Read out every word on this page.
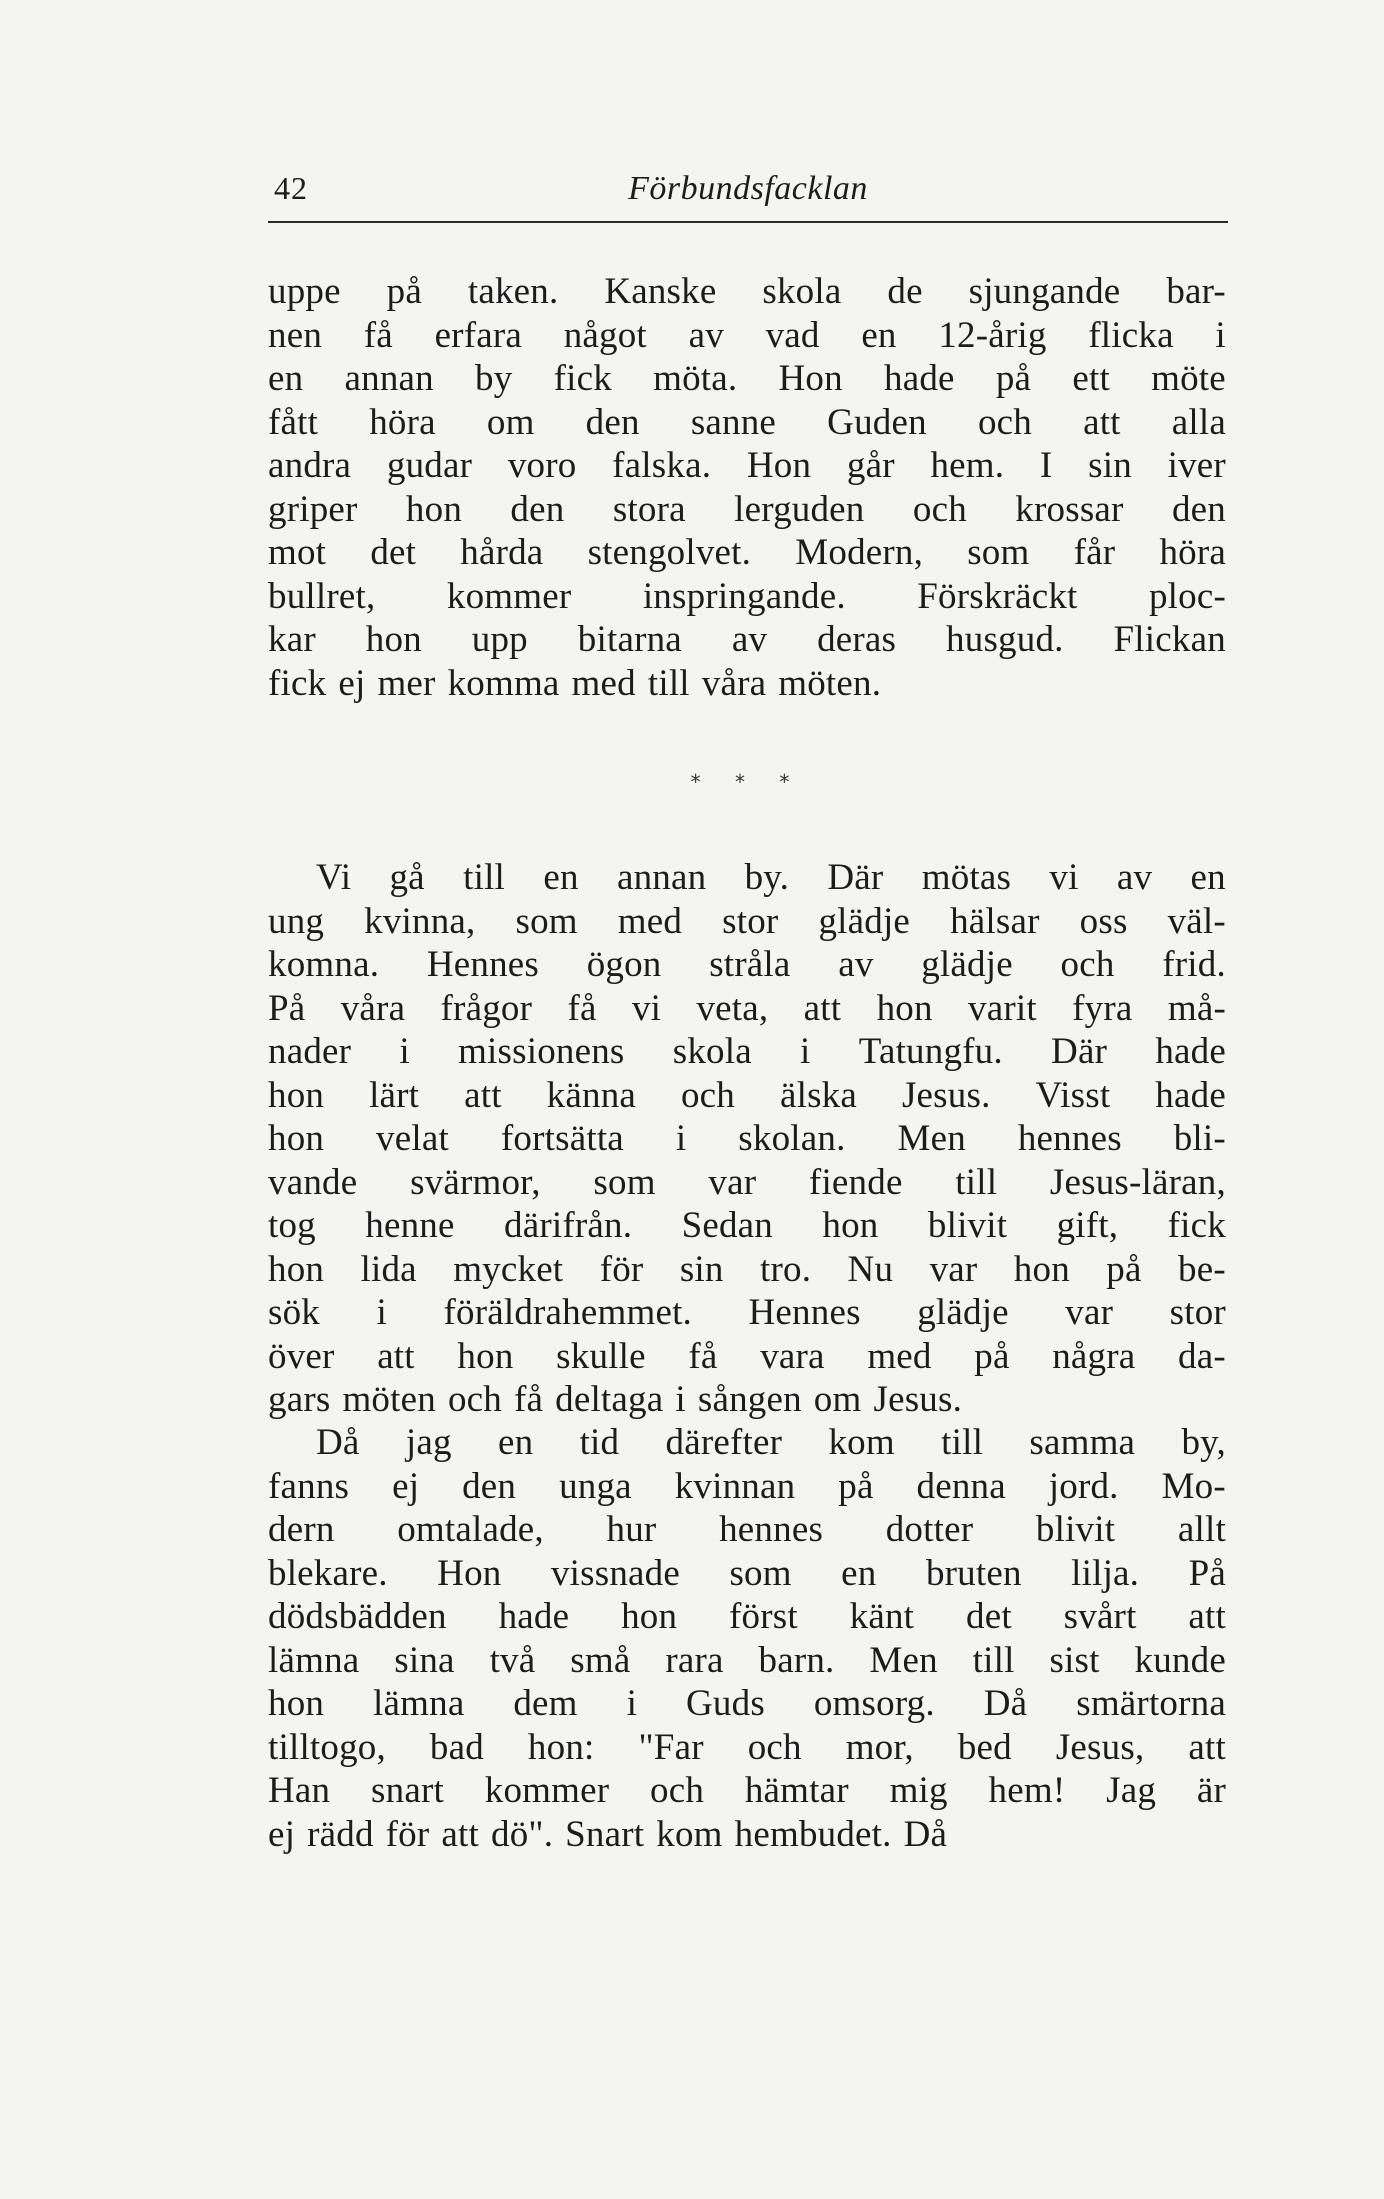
42	Förbundsfacklan
uppe på taken. Kanske skola de sjungande bar-
nen få erfara något av vad en 12-årig flicka i
en annan by fick möta. Hon hade på ett möte
fått höra om den sanne Guden och att alla
andra gudar voro falska. Hon går hem. I sin iver
griper hon den stora lerguden och krossar den
mot det hårda stengolvet. Modern, som får höra
bullret, kommer inspringande. Förskräckt ploc-
kar hon upp bitarna av deras husgud. Flickan
fick ej mer komma med till våra möten.
* * *
Vi gå till en annan by. Där mötas vi av en
ung kvinna, som med stor glädje hälsar oss väl-
komna. Hennes ögon stråla av glädje och frid.
På våra frågor få vi veta, att hon varit fyra må-
nader i missionens skola i Tatungfu. Där hade
hon lärt att känna och älska Jesus. Visst hade
hon velat fortsätta i skolan. Men hennes bli-
vande svärmor, som var fiende till Jesus-läran,
tog henne därifrån. Sedan hon blivit gift, fick
hon lida mycket för sin tro. Nu var hon på be-
sök i föräldrahemmet. Hennes glädje var stor
över att hon skulle få vara med på några da-
gars möten och få deltaga i sången om Jesus.
Då jag en tid därefter kom till samma by,
fanns ej den unga kvinnan på denna jord. Mo-
dern omtalade, hur hennes dotter blivit allt
blekare. Hon vissnade som en bruten lilja. På
dödsbädden hade hon först känt det svårt att
lämna sina två små rara barn. Men till sist kunde
hon lämna dem i Guds omsorg. Då smärtorna
tilltogo, bad hon: "Far och mor, bed Jesus, att
Han snart kommer och hämtar mig hem! Jag är
ej rädd för att dö". Snart kom hembudet. Då
